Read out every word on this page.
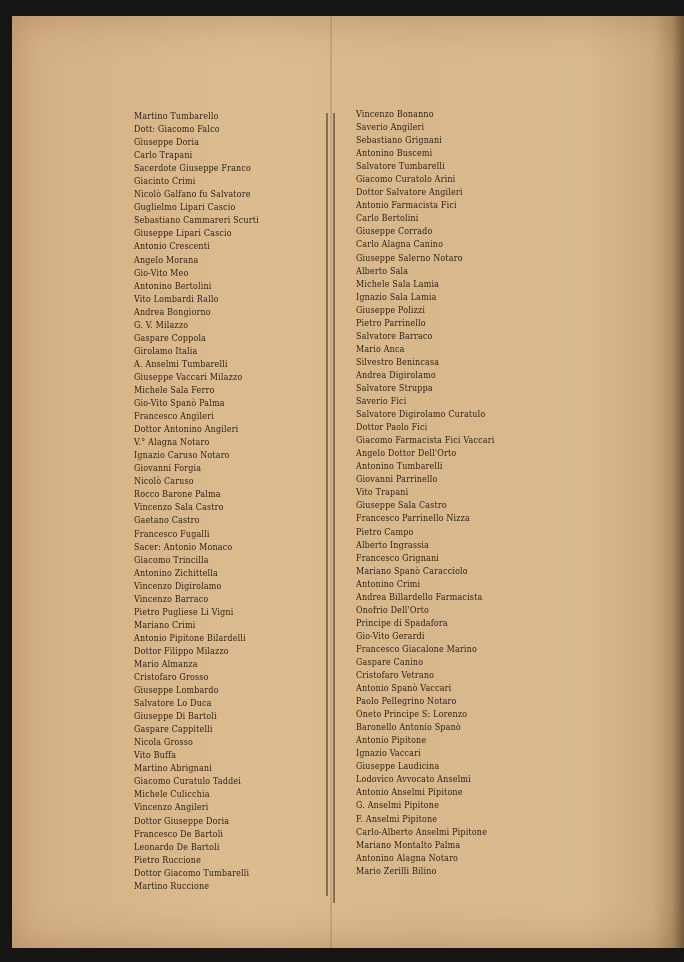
Martino Tumbarello
Dott: Giacomo Falco
Giuseppe Doria
Carlo Trapani
Sacerdote Giuseppe Franco
Giacinto Crimi
Nicolò Galfano fu Salvatore
Guglielmo Lipari Cascio
Sebastiano Cammareri Scurti
Giuseppe Lipari Cascio
Antonio Crescenti
Angelo Morana
Gio-Vito Meo
Antonino Bertolini
Vito Lombardi Rallo
Andrea Bongiorno
G. V. Milazzo
Gaspare Coppola
Girolamo Italia
A. Anselmi Tumbarelli
Giuseppe Vaccari Milazzo
Michele Sala Ferro
Gio-Vito Spanò Palma
Francesco Angileri
Dottor Antonino Angileri
V.° Alagna Notaro
Ignazio Caruso Notaro
Giovanni Forgia
Nicolò Caruso
Rocco Barone Palma
Vincenzo Sala Castro
Gaetano Castro
Francesco Fugalli
Sacer: Antonio Monaco
Giacomo Trincilla
Antonino Zichittella
Vincenzo Digirolamo
Vincenzo Barraco
Pietro Pugliese Li Vigni
Mariano Crimi
Antonio Pipitone Bilardelli
Dottor Filippo Milazzo
Mario Almanza
Cristofaro Grosso
Giuseppe Lombardo
Salvatore Lo Duca
Giuseppe Di Bartoli
Gaspare Cappitelli
Nicola Grosso
Vito Buffa
Martino Abrignani
Giacomo Curatulo Taddei
Michele Culicchia
Vincenzo Angileri
Dottor Giuseppe Doria
Francesco De Bartoli
Leonardo De Bartoli
Pietro Ruccione
Dottor Giacomo Tumbarelli
Martino Ruccione
Vincenzo Bonanno
Saverio Angileri
Sebastiano Grignani
Antonino Buscemi
Salvatore Tumbarelli
Giacomo Curatolo Arini
Dottor Salvatore Angileri
Antonio Farmacista Fici
Carlo Bertolini
Giuseppe Corrado
Carlo Alagna Canino
Giuseppe Salerno Notaro
Alberto Sala
Michele Sala Lamia
Ignazio Sala Lamia
Giuseppe Polizzi
Pietro Parrinello
Salvatore Barraco
Mario Anca
Silvestro Benincasa
Andrea Digirolamo
Salvatore Struppa
Saverio Fici
Salvatore Digirolamo Curatulo
Dottor Paolo Fici
Giacomo Farmacista Fici Vaccari
Angelo Dottor Dell'Orto
Antonino Tumbarelli
Giovanni Parrinello
Vito Trapani
Giuseppe Sala Castro
Francesco Parrinello Nizza
Pietro Campo
Alberto Ingrassia
Francesco Grignani
Mariano Spanò Caracciolo
Antonino Crimi
Andrea Billardello Farmacista
Onofrio Dell'Orto
Principe di Spadafora
Gio-Vito Gerardi
Francesco Giacalone Marino
Gaspare Canino
Cristofaro Vetrano
Antonio Spanò Vaccari
Paolo Pellegrino Notaro
Oneto Principe S: Lorenzo
Baronello Antonio Spanò
Antonio Pipitone
Ignazio Vaccari
Giuseppe Laudicina
Lodovico Avvocato Anselmi
Antonio Anselmi Pipitone
G. Anselmi Pipitone
F. Anselmi Pipitone
Carlo-Alberto Anselmi Pipitone
Mariano Montalto Palma
Antonino Alagna Notaro
Mario Zerilli Bilino
